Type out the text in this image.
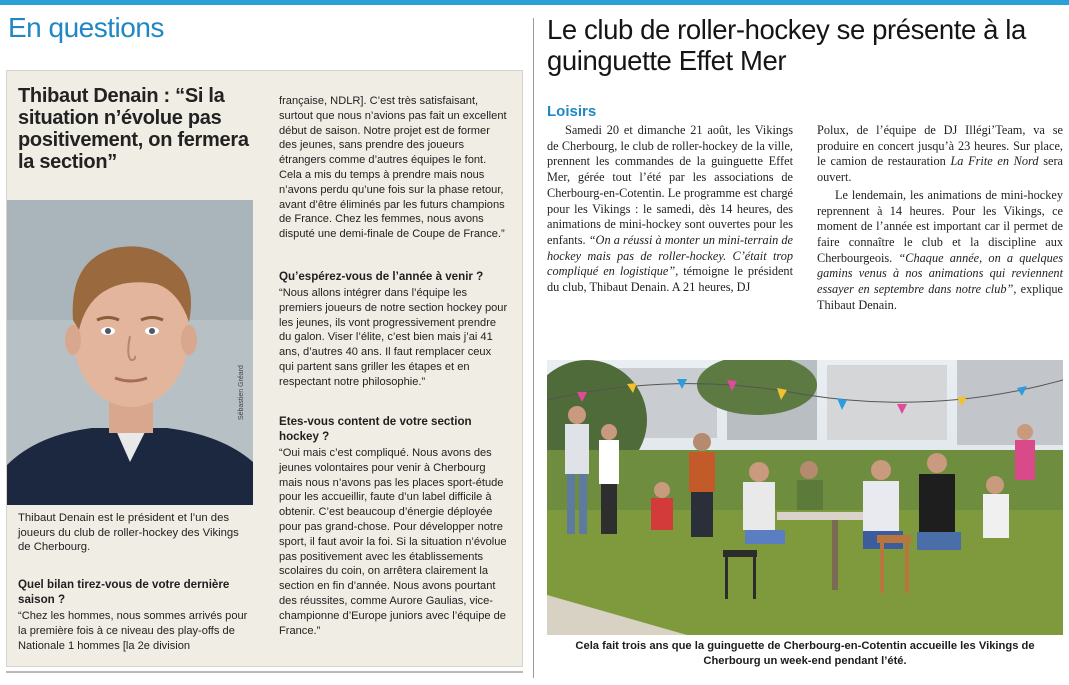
En questions
Thibaut Denain : “Si la situation n’évolue pas positivement, on fermera la section”
Sébastien Gréard

Thibaut Denain est le président et l’un des joueurs du club de roller-hockey des Vikings de Cherbourg.

Quel bilan tirez-vous de votre dernière saison ?

“Chez les hommes, nous sommes arrivés pour la première fois à ce niveau des play-offs de Nationale 1 hommes [la 2e division

française, NDLR]. C’est très satisfaisant, surtout que nous n’avions pas fait un excellent début de saison. Notre projet est de former des jeunes, sans prendre des joueurs étrangers comme d’autres équipes le font. Cela a mis du temps à prendre mais nous n’avons perdu qu’une fois sur la phase retour, avant d’être éliminés par les futurs champions de France. Chez les femmes, nous avons disputé une demi-finale de Coupe de France.”

Qu’espérez-vous de l’année à venir ?

“Nous allons intégrer dans l’équipe les premiers joueurs de notre section hockey pour les jeunes, ils vont progressivement prendre du galon. Viser l’élite, c’est bien mais j’ai 41 ans, d’autres 40 ans. Il faut remplacer ceux qui partent sans griller les étapes et en respectant notre philosophie.”

Etes-vous content de votre section hockey ?

“Oui mais c’est compliqué. Nous avons des jeunes volontaires pour venir à Cherbourg mais nous n’avons pas les places sport-étude pour les accueillir, faute d’un label difficile à obtenir. C’est beaucoup d’énergie déployée pour pas grand-chose. Pour développer notre sport, il faut avoir la foi. Si la situation n’évolue pas positivement avec les établissements scolaires du coin, on arrêtera clairement la section en fin d’année. Nous avons pourtant des réussites, comme Aurore Gaulias, vice-championne d’Europe juniors avec l’équipe de France.”

Le club de roller-hockey se présente à la guinguette Effet Mer

Loisirs

Samedi 20 et dimanche 21 août, les Vikings de Cherbourg, le club de roller-hockey de la ville, prennent les commandes de la guinguette Effet Mer, gérée tout l’été par les associations de Cherbourg-en-Cotentin. Le programme est chargé pour les Vikings : le samedi, dès 14 heures, des animations de mini-hockey sont ouvertes pour les enfants. “On a réussi à monter un mini-terrain de hockey mais pas de roller-hockey. C’était trop compliqué en logistique”, témoigne le président du club, Thibaut Denain. A 21 heures, DJ

Polux, de l’équipe de DJ Illégi’Team, va se produire en concert jusqu’à 23 heures. Sur place, le camion de restauration La Frite en Nord sera ouvert.

Le lendemain, les animations de mini-hockey reprennent à 14 heures. Pour les Vikings, ce moment de l’année est important car il permet de faire connaître le club et la discipline aux Cherbourgeois. “Chaque année, on a quelques gamins venus à nos animations qui reviennent essayer en septembre dans notre club”, explique Thibaut Denain.

Cela fait trois ans que la guinguette de Cherbourg-en-Cotentin accueille les Vikings de Cherbourg un week-end pendant l’été.
